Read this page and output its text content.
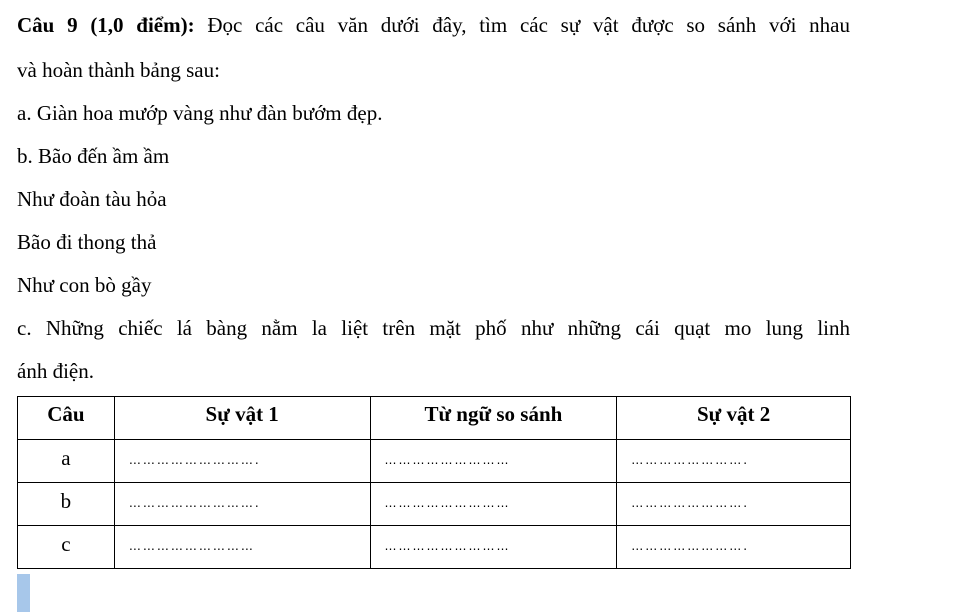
Câu 9 (1,0 điểm): Đọc các câu văn dưới đây, tìm các sự vật được so sánh với nhau
và hoàn thành bảng sau:
a. Giàn hoa mướp vàng như đàn bướm đẹp.
b. Bão đến ầm ầm
Như đoàn tàu hỏa
Bão đi thong thả
Như con bò gầy
c. Những chiếc lá bàng nằm la liệt trên mặt phố như những cái quạt mo lung linh
ánh điện.
Câu	Sự vật 1	Từ ngữ so sánh	Sự vật 2
a	……………………….	………………………	…………………….

b	……………………….	………………………	…………………….

c	………………………	………………………	…………………….
